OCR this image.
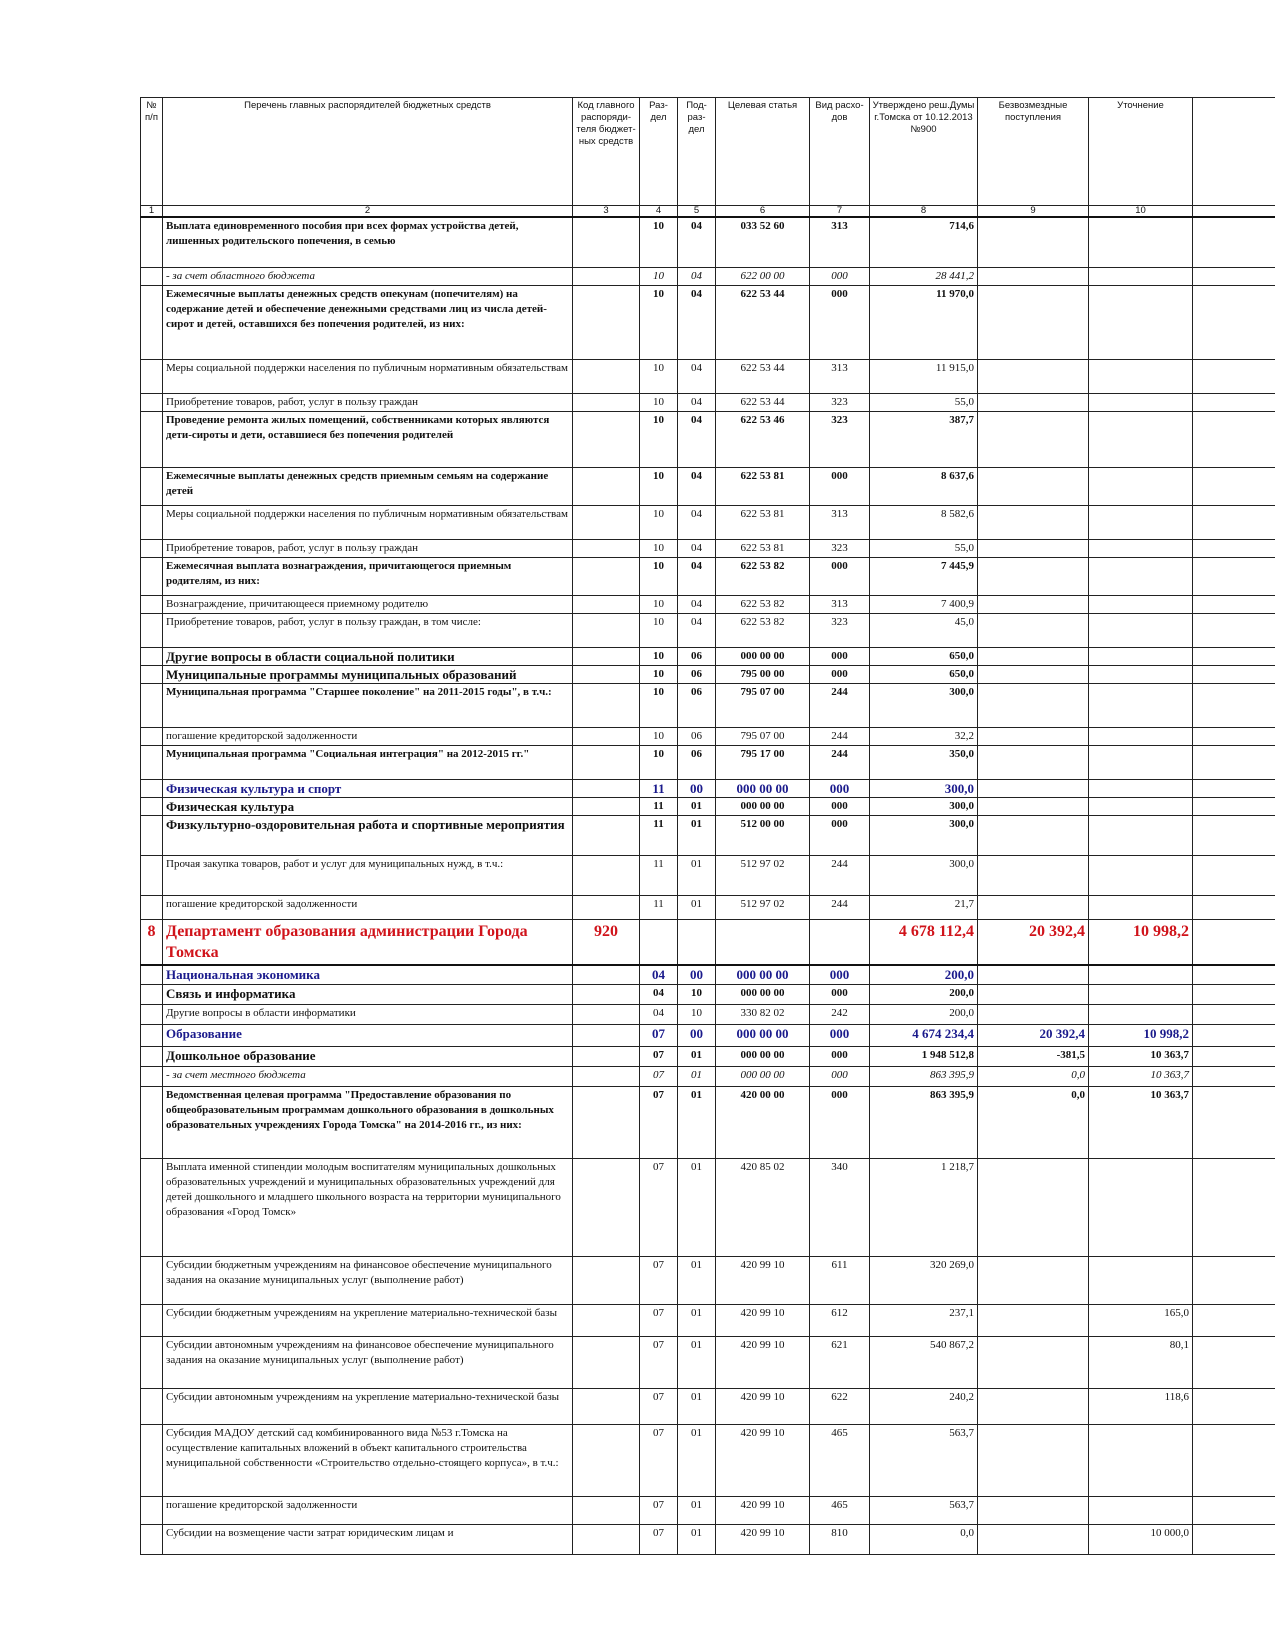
№ п/п	Перечень главных распорядителей бюджетных средств	Код главного распоряди-теля бюджет-ных средств	Раз-дел	Под-раз-дел	Целевая статья	Вид расхо-дов	Утверждено реш.Думы г.Томска от 10.12.2013 №900	Безвозмездные поступления	Уточнение	
1	2	3	4	5	6	7	8	9	10	
	Выплата единовременного пособия при всех формах устройства детей, лишенных родительского попечения, в семью		10	04	033 52 60	313	714,6			
	- за счет областного бюджета		10	04	622 00 00	000	28 441,2			
	Ежемесячные выплаты денежных средств опекунам (попечителям) на содержание детей и обеспечение денежными средствами лиц из числа детей-сирот и детей, оставшихся без попечения родителей, из них:		10	04	622 53 44	000	11 970,0			
	Меры социальной поддержки населения по публичным нормативным обязательствам		10	04	622 53 44	313	11 915,0			
	Приобретение товаров, работ, услуг в пользу граждан		10	04	622 53 44	323	55,0			
	Проведение ремонта жилых помещений, собственниками которых являются дети-сироты и дети, оставшиеся без попечения родителей		10	04	622 53 46	323	387,7			
	Ежемесячные выплаты денежных средств приемным семьям на содержание детей		10	04	622 53 81	000	8 637,6			
	Меры социальной поддержки населения по публичным нормативным обязательствам		10	04	622 53 81	313	8 582,6			
	Приобретение товаров, работ, услуг в пользу граждан		10	04	622 53 81	323	55,0			
	Ежемесячная выплата вознаграждения, причитающегося приемным родителям, из них:		10	04	622 53 82	000	7 445,9			
	Вознаграждение, причитающееся приемному родителю		10	04	622 53 82	313	7 400,9			
	Приобретение товаров, работ, услуг в пользу граждан, в том числе:		10	04	622 53 82	323	45,0			
	Другие вопросы в области социальной политики		10	06	000 00 00	000	650,0			
	Муниципальные программы муниципальных образований		10	06	795 00 00	000	650,0			
	Муниципальная программа "Старшее поколение" на 2011-2015 годы", в т.ч.:		10	06	795 07 00	244	300,0			
	погашение кредиторской задолженности		10	06	795 07 00	244	32,2			
	Муниципальная программа "Социальная интеграция" на 2012-2015 гг."		10	06	795 17 00	244	350,0			
	Физическая культура и спорт		11	00	000 00 00	000	300,0			
	Физическая культура		11	01	000 00 00	000	300,0			
	Физкультурно-оздоровительная работа и спортивные мероприятия		11	01	512 00 00	000	300,0			
	Прочая закупка товаров, работ и услуг для муниципальных нужд, в т.ч.:		11	01	512 97 02	244	300,0			
	погашение кредиторской задолженности		11	01	512 97 02	244	21,7			
8	Департамент образования администрации Города Томска	920					4 678 112,4	20 392,4	10 998,2	
	Национальная экономика		04	00	000 00 00	000	200,0			
	Связь и информатика		04	10	000 00 00	000	200,0			
	Другие вопросы в области информатики		04	10	330 82 02	242	200,0			
	Образование		07	00	000 00 00	000	4 674 234,4	20 392,4	10 998,2	
	Дошкольное образование		07	01	000 00 00	000	1 948 512,8	-381,5	10 363,7	
	- за счет местного бюджета		07	01	000 00 00	000	863 395,9	0,0	10 363,7	
	Ведомственная целевая программа "Предоставление образования по общеобразовательным программам дошкольного образования в дошкольных образовательных учреждениях Города Томска" на 2014-2016 гг., из них:		07	01	420 00 00	000	863 395,9	0,0	10 363,7	
	Выплата именной стипендии молодым воспитателям муниципальных дошкольных образовательных учреждений и муниципальных образовательных учреждений для детей дошкольного и младшего школьного возраста на территории муниципального образования «Город Томск»		07	01	420 85 02	340	1 218,7			
	Субсидии бюджетным учреждениям на финансовое обеспечение муниципального задания на оказание муниципальных услуг (выполнение работ)		07	01	420 99 10	611	320 269,0			
	Субсидии бюджетным учреждениям на укрепление материально-технической базы		07	01	420 99 10	612	237,1		165,0	
	Субсидии автономным учреждениям на финансовое обеспечение муниципального задания на оказание муниципальных услуг (выполнение работ)		07	01	420 99 10	621	540 867,2		80,1	
	Субсидии автономным учреждениям на укрепление материально-технической базы		07	01	420 99 10	622	240,2		118,6	
	Субсидия МАДОУ детский сад комбинированного вида №53 г.Томска на осуществление капитальных вложений в объект капитального строительства муниципальной собственности «Строительство отдельно-стоящего корпуса», в т.ч.:		07	01	420 99 10	465	563,7			
	погашение кредиторской задолженности		07	01	420 99 10	465	563,7			
	Субсидии на возмещение части затрат юридическим лицам и		07	01	420 99 10	810	0,0		10 000,0	
